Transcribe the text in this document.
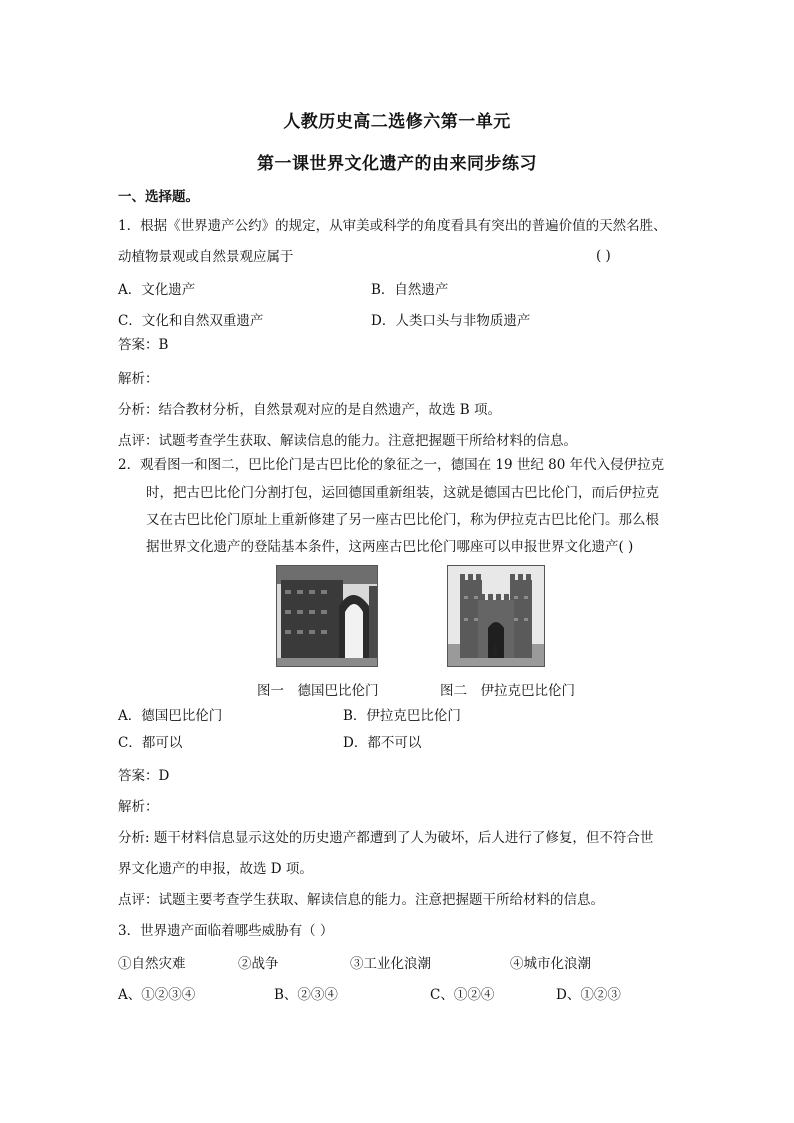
人教历史高二选修六第一单元
第一课世界文化遗产的由来同步练习
一、选择题。
1．根据《世界遗产公约》的规定，从审美或科学的角度看具有突出的普遍价值的天然名胜、
动植物景观或自然景观应属于	( )
A．文化遗产	B．自然遗产
C．文化和自然双重遗产	D．人类口头与非物质遗产
答案：B
解析：
分析：结合教材分析，自然景观对应的是自然遗产，故选 B 项。
点评：试题考查学生获取、解读信息的能力。注意把握题干所给材料的信息。
2．观看图一和图二，巴比伦门是古巴比伦的象征之一，德国在 19 世纪 80 年代入侵伊拉克
时，把古巴比伦门分割打包，运回德国重新组装，这就是德国古巴比伦门，而后伊拉克
又在古巴比伦门原址上重新修建了另一座古巴比伦门，称为伊拉克古巴比伦门。那么根
据世界文化遗产的登陆基本条件，这两座古巴比伦门哪座可以申报世界文化遗产( )
图一　德国巴比伦门	图二　伊拉克巴比伦门
A．德国巴比伦门	B．伊拉克巴比伦门
C．都可以	D．都不可以
答案：D
解析：
分析: 题干材料信息显示这处的历史遗产都遭到了人为破坏，后人进行了修复，但不符合世
界文化遗产的申报，故选 D 项。
点评：试题主要考查学生获取、解读信息的能力。注意把握题干所给材料的信息。
3．世界遗产面临着哪些威胁有（ ）
①自然灾难	②战争	③工业化浪潮	④城市化浪潮
A、①②③④	B、②③④	C、①②④	D、①②③
